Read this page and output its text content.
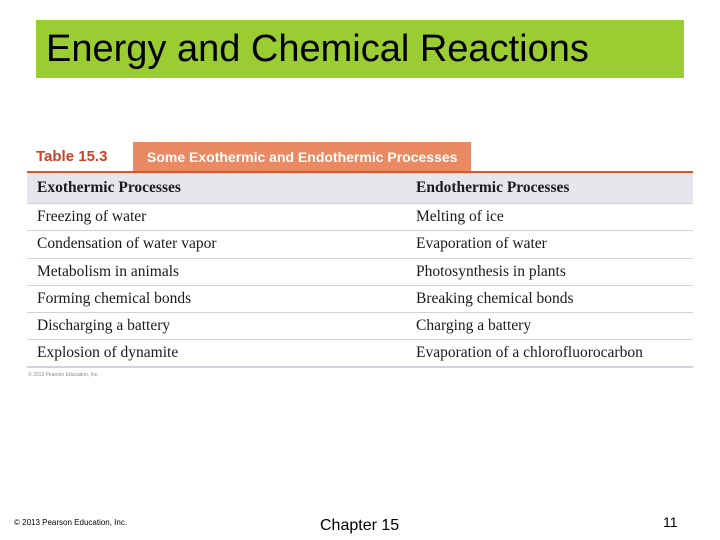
Energy and Chemical Reactions
Table 15.3	Some Exothermic and Endothermic Processes
Exothermic Processes	Endothermic Processes
Freezing of water	Melting of ice
Condensation of water vapor	Evaporation of water
Metabolism in animals	Photosynthesis in plants
Forming chemical bonds	Breaking chemical bonds
Discharging a battery	Charging a battery
Explosion of dynamite	Evaporation of a chlorofluorocarbon
© 2013 Pearson Education, Inc.
© 2013 Pearson Education, Inc.	Chapter 15	11
